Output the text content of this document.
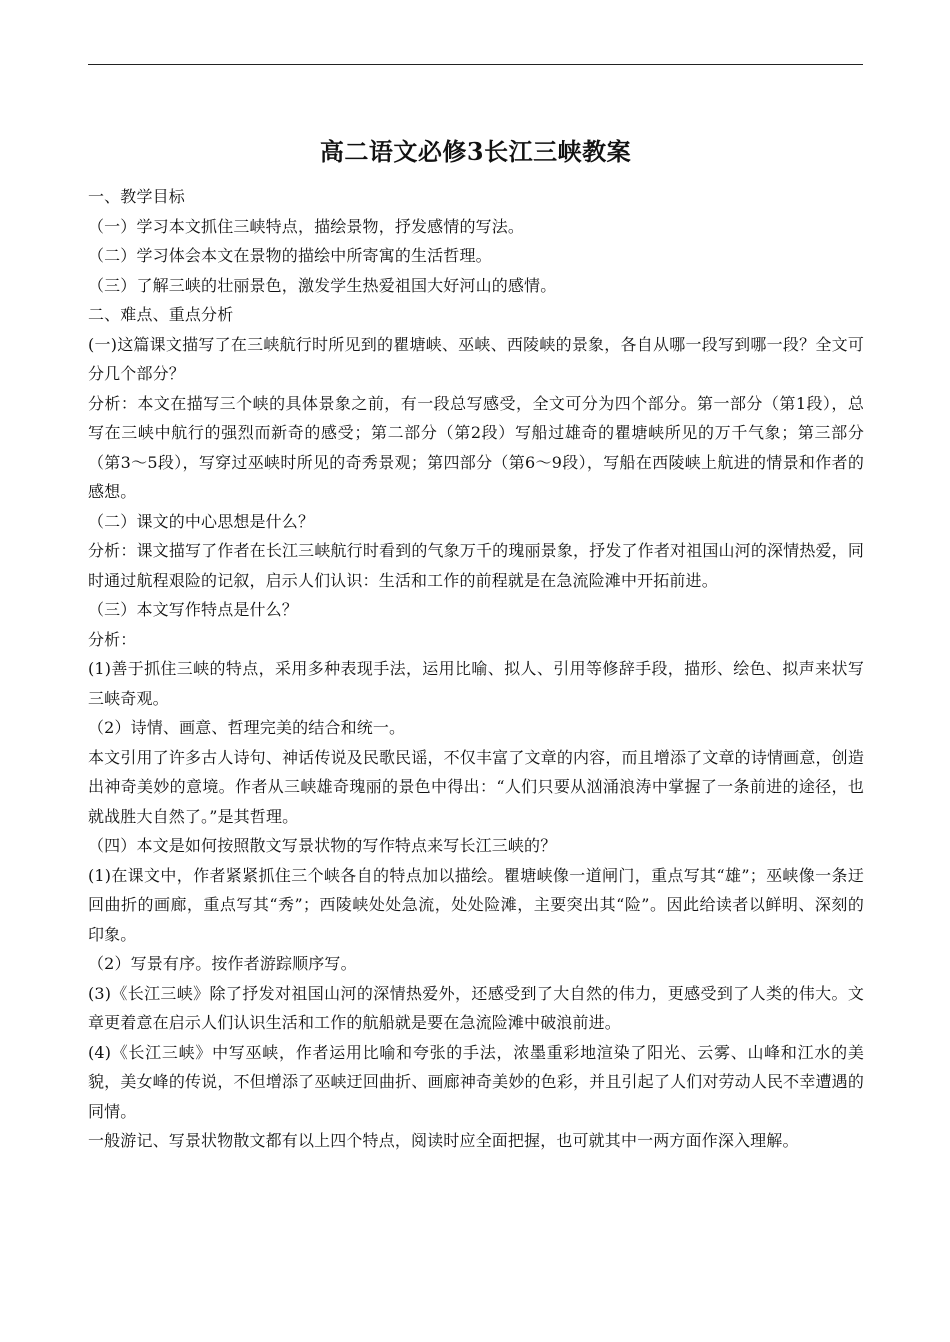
高二语文必修3长江三峡教案

一、教学目标

（一）学习本文抓住三峡特点，描绘景物，抒发感情的写法。

（二）学习体会本文在景物的描绘中所寄寓的生活哲理。

（三）了解三峡的壮丽景色，激发学生热爱祖国大好河山的感情。

二、难点、重点分析

(一)这篇课文描写了在三峡航行时所见到的瞿塘峡、巫峡、西陵峡的景象，各自从哪一段写到哪一段？全文可分几个部分？

分析：本文在描写三个峡的具体景象之前，有一段总写感受，全文可分为四个部分。第一部分（第1段），总写在三峡中航行的强烈而新奇的感受；第二部分（第2段）写船过雄奇的瞿塘峡所见的万千气象；第三部分（第3～5段），写穿过巫峡时所见的奇秀景观；第四部分（第6～9段），写船在西陵峡上航进的情景和作者的感想。

（二）课文的中心思想是什么？

分析：课文描写了作者在长江三峡航行时看到的气象万千的瑰丽景象，抒发了作者对祖国山河的深情热爱，同时通过航程艰险的记叙，启示人们认识：生活和工作的前程就是在急流险滩中开拓前进。

（三）本文写作特点是什么？

分析：

(1)善于抓住三峡的特点，采用多种表现手法，运用比喻、拟人、引用等修辞手段，描形、绘色、拟声来状写三峡奇观。

（2）诗情、画意、哲理完美的结合和统一。

本文引用了许多古人诗句、神话传说及民歌民谣，不仅丰富了文章的内容，而且增添了文章的诗情画意，创造出神奇美妙的意境。作者从三峡雄奇瑰丽的景色中得出：“人们只要从汹涌浪涛中掌握了一条前进的途径，也就战胜大自然了。”是其哲理。

（四）本文是如何按照散文写景状物的写作特点来写长江三峡的？

(1)在课文中，作者紧紧抓住三个峡各自的特点加以描绘。瞿塘峡像一道闸门，重点写其“雄”；巫峡像一条迂回曲折的画廊，重点写其“秀”；西陵峡处处急流，处处险滩，主要突出其“险”。因此给读者以鲜明、深刻的印象。

（2）写景有序。按作者游踪顺序写。

(3)《长江三峡》除了抒发对祖国山河的深情热爱外，还感受到了大自然的伟力，更感受到了人类的伟大。文章更着意在启示人们认识生活和工作的航船就是要在急流险滩中破浪前进。

(4)《长江三峡》中写巫峡，作者运用比喻和夸张的手法，浓墨重彩地渲染了阳光、云雾、山峰和江水的美貌，美女峰的传说，不但增添了巫峡迂回曲折、画廊神奇美妙的色彩，并且引起了人们对劳动人民不幸遭遇的同情。

一般游记、写景状物散文都有以上四个特点，阅读时应全面把握，也可就其中一两方面作深入理解。
